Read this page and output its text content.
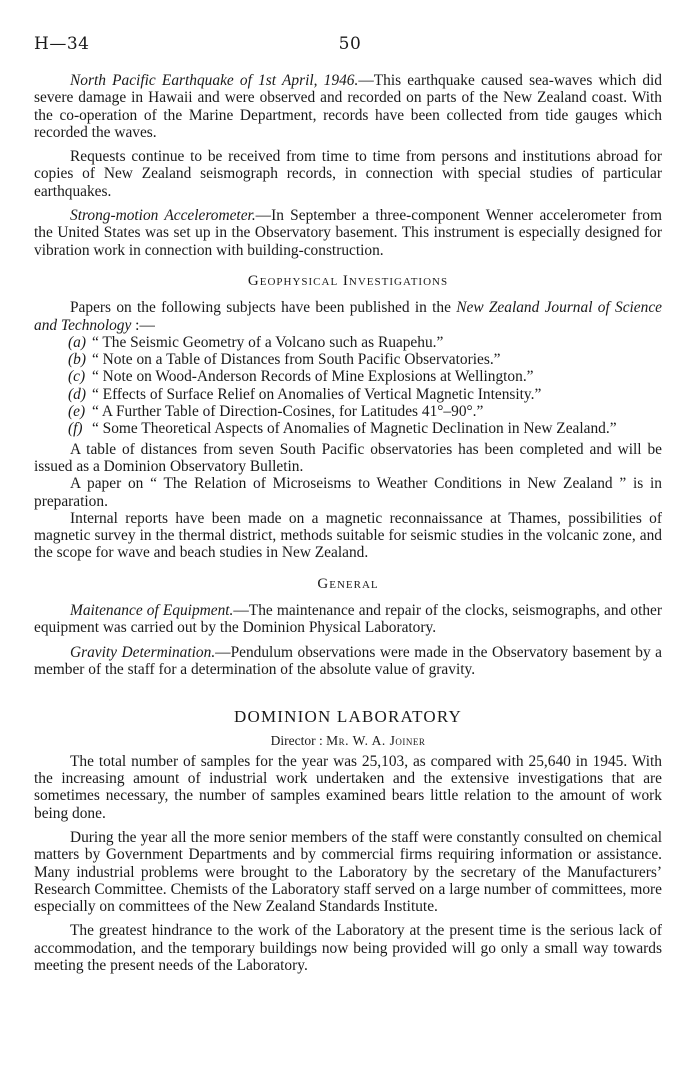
H—34	50

North Pacific Earthquake of 1st April, 1946.—This earthquake caused sea-waves which did severe damage in Hawaii and were observed and recorded on parts of the New Zealand coast. With the co-operation of the Marine Department, records have been collected from tide gauges which recorded the waves.

Requests continue to be received from time to time from persons and institutions abroad for copies of New Zealand seismograph records, in connection with special studies of particular earthquakes.

Strong-motion Accelerometer.—In September a three-component Wenner accelerometer from the United States was set up in the Observatory basement. This instrument is especially designed for vibration work in connection with building-construction.

Geophysical Investigations

Papers on the following subjects have been published in the New Zealand Journal of Science and Technology :—

(a) “ The Seismic Geometry of a Volcano such as Ruapehu.”
(b) “ Note on a Table of Distances from South Pacific Observatories.”
(c) “ Note on Wood-Anderson Records of Mine Explosions at Wellington.”
(d) “ Effects of Surface Relief on Anomalies of Vertical Magnetic Intensity.”
(e) “ A Further Table of Direction-Cosines, for Latitudes 41°–90°.”
(f) “ Some Theoretical Aspects of Anomalies of Magnetic Declination in New Zealand.”

A table of distances from seven South Pacific observatories has been completed and will be issued as a Dominion Observatory Bulletin.

A paper on “ The Relation of Microseisms to Weather Conditions in New Zealand ” is in preparation.

Internal reports have been made on a magnetic reconnaissance at Thames, possibilities of magnetic survey in the thermal district, methods suitable for seismic studies in the volcanic zone, and the scope for wave and beach studies in New Zealand.

General

Maitenance of Equipment.—The maintenance and repair of the clocks, seismographs, and other equipment was carried out by the Dominion Physical Laboratory.

Gravity Determination.—Pendulum observations were made in the Observatory basement by a member of the staff for a determination of the absolute value of gravity.

DOMINION LABORATORY
Director : Mr. W. A. Joiner

The total number of samples for the year was 25,103, as compared with 25,640 in 1945. With the increasing amount of industrial work undertaken and the extensive investigations that are sometimes necessary, the number of samples examined bears little relation to the amount of work being done.

During the year all the more senior members of the staff were constantly consulted on chemical matters by Government Departments and by commercial firms requiring information or assistance. Many industrial problems were brought to the Laboratory by the secretary of the Manufacturers’ Research Committee. Chemists of the Laboratory staff served on a large number of committees, more especially on committees of the New Zealand Standards Institute.

The greatest hindrance to the work of the Laboratory at the present time is the serious lack of accommodation, and the temporary buildings now being provided will go only a small way towards meeting the present needs of the Laboratory.
